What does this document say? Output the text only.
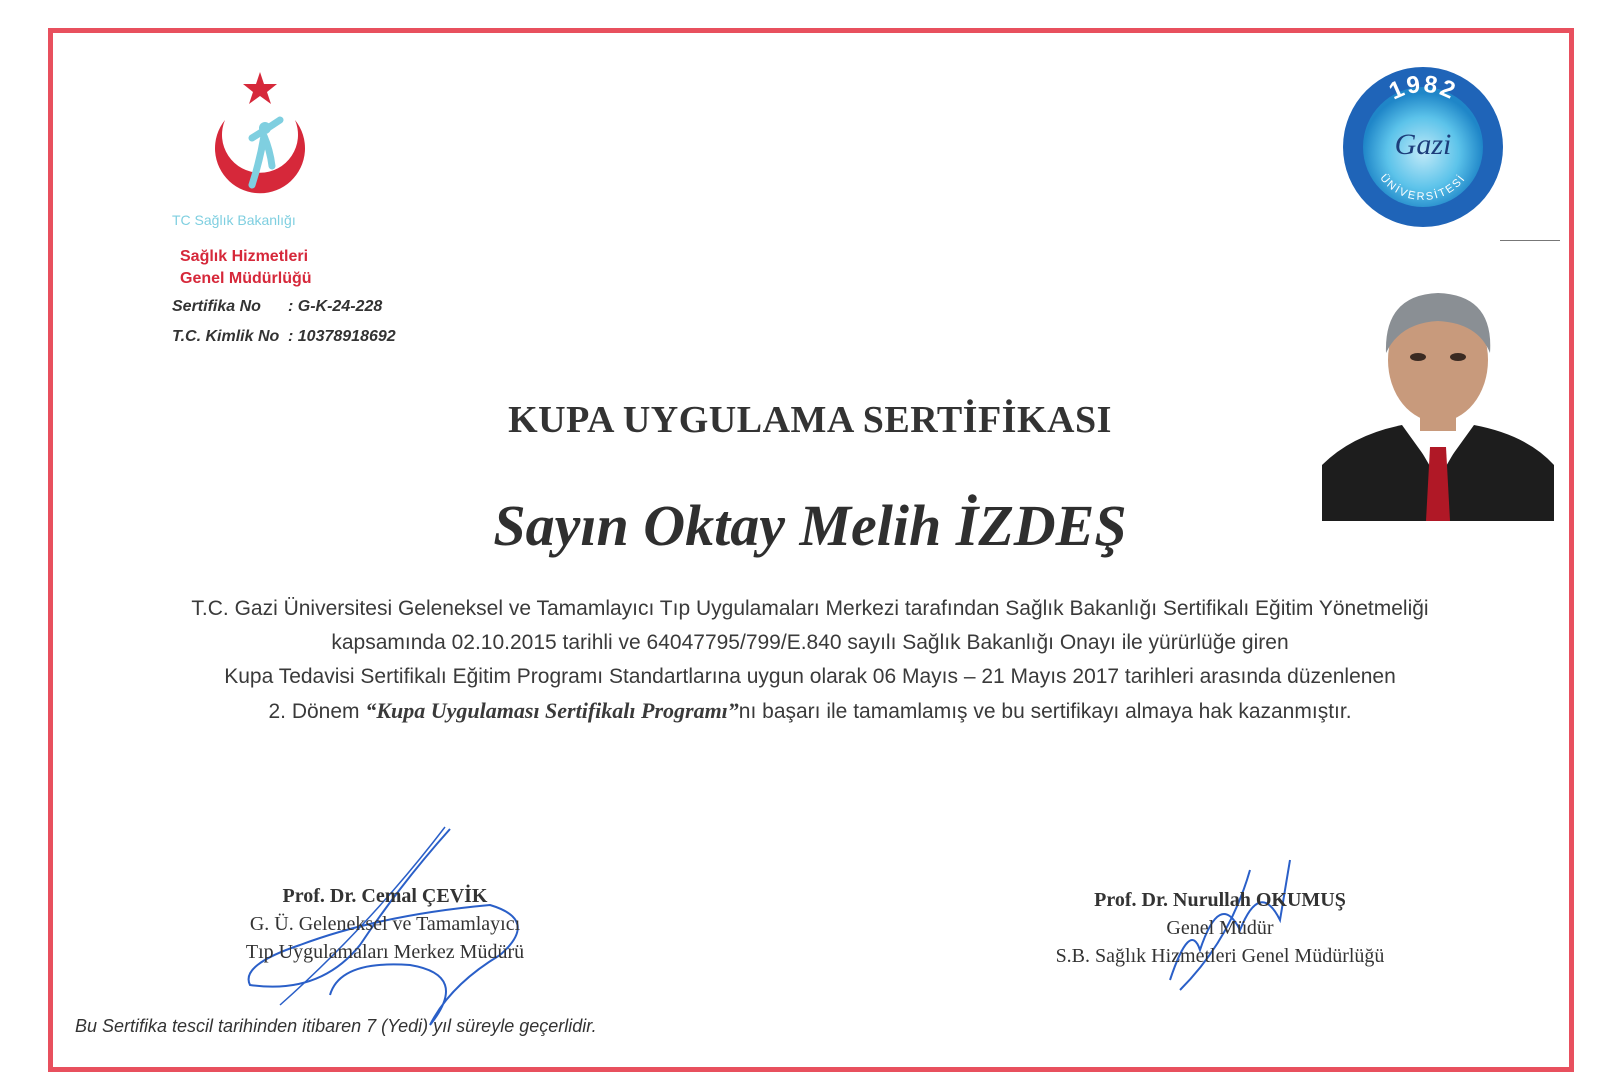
TC Sağlık Bakanlığı
Sağlık Hizmetleri
Genel Müdürlüğü
Sertifika No : G-K-24-228
T.C. Kimlik No : 10378918692
1982
ÜNİVERSİTESİ
Gazi
KUPA UYGULAMA SERTİFİKASI
Sayın Oktay Melih İZDEŞ
T.C. Gazi Üniversitesi Geleneksel ve Tamamlayıcı Tıp Uygulamaları Merkezi tarafından Sağlık Bakanlığı Sertifikalı Eğitim Yönetmeliği
kapsamında 02.10.2015 tarihli ve 64047795/799/E.840 sayılı Sağlık Bakanlığı Onayı ile yürürlüğe giren
Kupa Tedavisi Sertifikalı Eğitim Programı Standartlarına uygun olarak 06 Mayıs – 21 Mayıs 2017 tarihleri arasında düzenlenen
2. Dönem “Kupa Uygulaması Sertifikalı Programı”nı başarı ile tamamlamış ve bu sertifikayı almaya hak kazanmıştır.
Prof. Dr. Cemal ÇEVİK
G. Ü. Geleneksel ve Tamamlayıcı
Tıp Uygulamaları Merkez Müdürü
Prof. Dr. Nurullah OKUMUŞ
Genel Müdür
S.B. Sağlık Hizmetleri Genel Müdürlüğü
Bu Sertifika tescil tarihinden itibaren 7 (Yedi) yıl süreyle geçerlidir.
